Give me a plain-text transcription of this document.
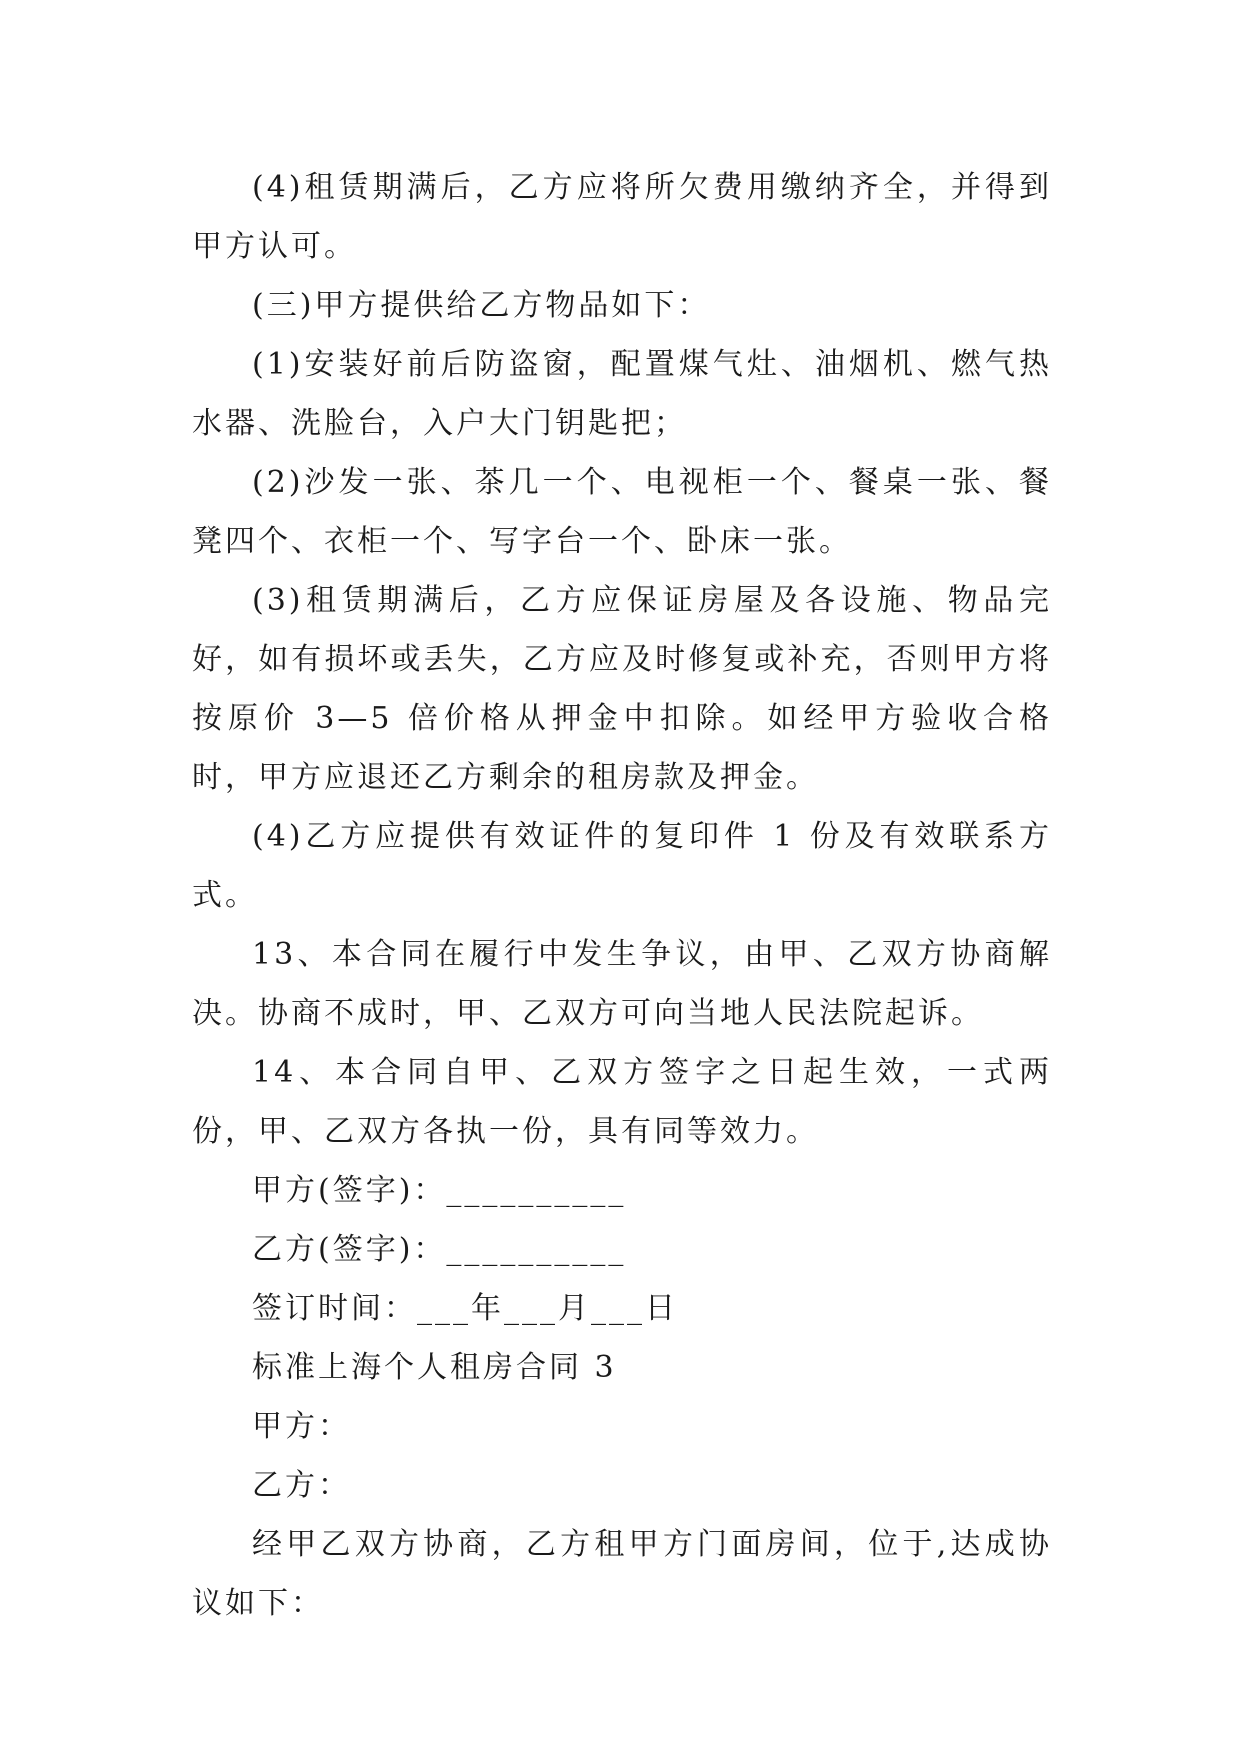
(4)租赁期满后，乙方应将所欠费用缴纳齐全，并得到甲方认可。

(三)甲方提供给乙方物品如下：

(1)安装好前后防盗窗，配置煤气灶、油烟机、燃气热水器、洗脸台，入户大门钥匙把；

(2)沙发一张、茶几一个、电视柜一个、餐桌一张、餐凳四个、衣柜一个、写字台一个、卧床一张。

(3)租赁期满后，乙方应保证房屋及各设施、物品完好，如有损坏或丢失，乙方应及时修复或补充，否则甲方将按原价 3—5 倍价格从押金中扣除。如经甲方验收合格时，甲方应退还乙方剩余的租房款及押金。

(4)乙方应提供有效证件的复印件 1 份及有效联系方式。

13、本合同在履行中发生争议，由甲、乙双方协商解决。协商不成时，甲、乙双方可向当地人民法院起诉。

14、本合同自甲、乙双方签字之日起生效，一式两份，甲、乙双方各执一份，具有同等效力。

甲方(签字)：__________

乙方(签字)：__________

签订时间：___年___月___日

标准上海个人租房合同 3

甲方：

乙方：

经甲乙双方协商，乙方租甲方门面房间，位于,达成协议如下：
